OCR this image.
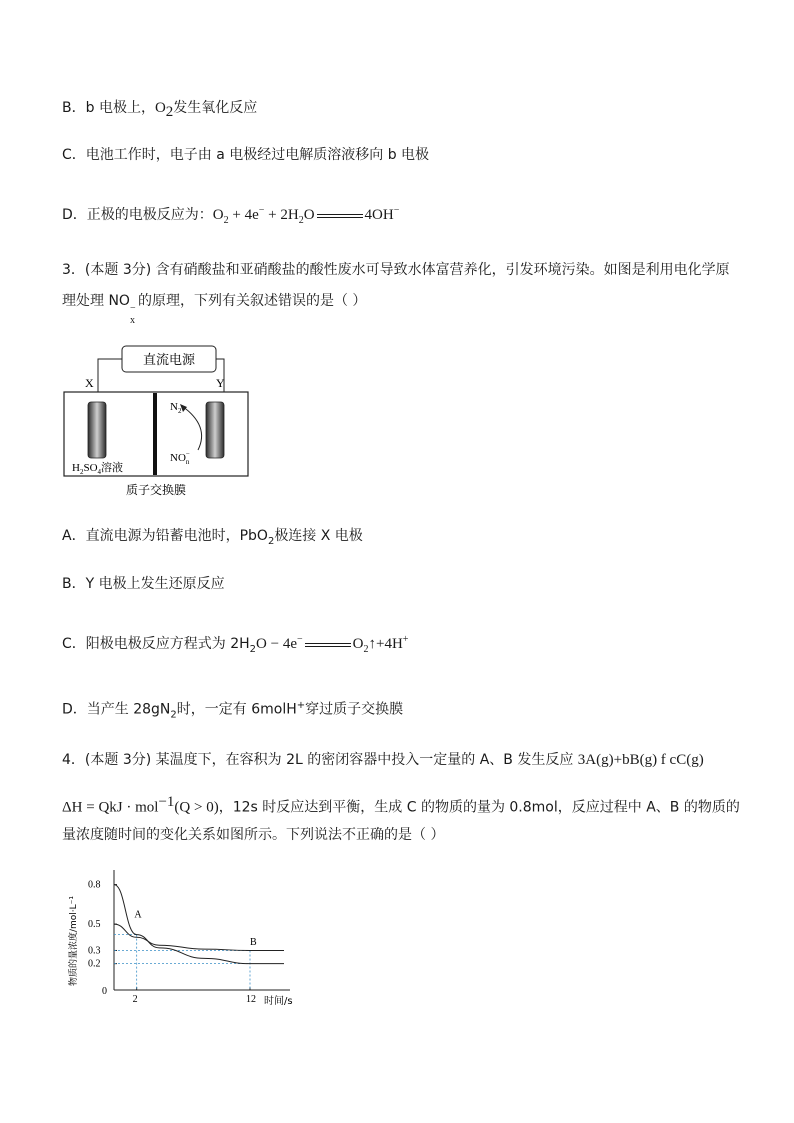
B．b 电极上，$O_2$发生氧化反应
C．电池工作时，电子由 a 电极经过电解质溶液移向 b 电极
D．正极的电极反应为：$O_2 + 4e^- + 2H_2O$	4OH−
3．(本题 3分) 含有硝酸盐和亚硝酸盐的酸性废水可导致水体富营养化，引发环境污染。如图是利用电化学原
理处理 NO −
x
的原理，下列有关叙述错误的是（ ）
直流电源
X	Y
$N_2$
NO− n
$H_2SO_4$溶液
质子交换膜
A．直流电源为铅蓄电池时，PbO$_2$极连接 X 电极
B．Y 电极上发生还原反应
C．阳极电极反应方程式为 $2H_2O - 4e^-$	$O_2↑+4H^+$
D．当产生 $28gN_2$时，一定有 6molH+穿过质子交换膜
4．(本题 3分) 某温度下，在容积为 2L 的密闭容器中投入一定量的 A、B 发生反应 3A(g)+bB(g) f cC(g)
ΔH = QkJ · mol$^{-1}$(Q > 0)，12s 时反应达到平衡，生成 C 的物质的量为 0.8mol，反应过程中 A、B 的物质的
量浓度随时间的变化关系如图所示。下列说法不正确的是（ ）
0
0.8
0.5
0.3
0.2
2	12
A
B
时间/s
物质的量浓度/mol·L⁻¹
